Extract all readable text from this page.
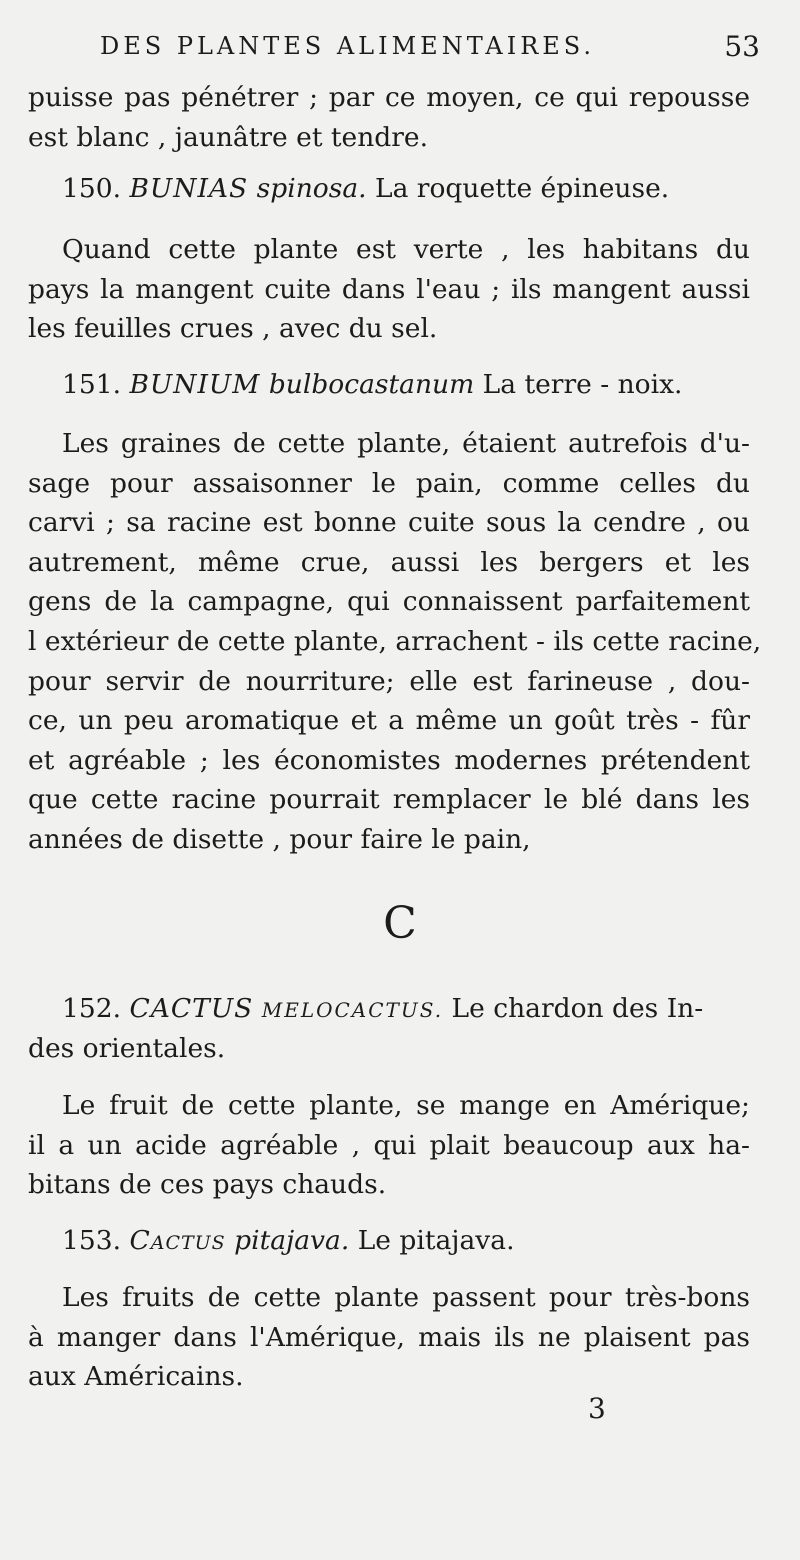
DES PLANTES ALIMENTAIRES.	53
puisse pas pénétrer ; par ce moyen, ce qui repousse
est blanc , jaunâtre et tendre.
150. BUNIAS spinosa. La roquette épineuse.
Quand cette plante est verte , les habitans du
pays la mangent cuite dans l'eau ; ils mangent aussi
les feuilles crues , avec du sel.
151. BUNIUM bulbocastanum La terre - noix.
Les graines de cette plante, étaient autrefois d'u-
sage pour assaisonner le pain, comme celles du
carvi ; sa racine est bonne cuite sous la cendre , ou
autrement, même crue, aussi les bergers et les
gens de la campagne, qui connaissent parfaitement
l extérieur de cette plante, arrachent - ils cette racine,
pour servir de nourriture; elle est farineuse , dou-
ce, un peu aromatique et a même un goût très - fûr
et agréable ; les économistes modernes prétendent
que cette racine pourrait remplacer le blé dans les
années de disette , pour faire le pain,
C
152. CACTUS MELOCACTUS. Le chardon des In-
des orientales.
Le fruit de cette plante, se mange en Amérique;
il a un acide agréable , qui plait beaucoup aux ha-
bitans de ces pays chauds.
153. Cactus pitajava. Le pitajava.
Les fruits de cette plante passent pour très-bons
à manger dans l'Amérique, mais ils ne plaisent pas
aux Américains.
3
